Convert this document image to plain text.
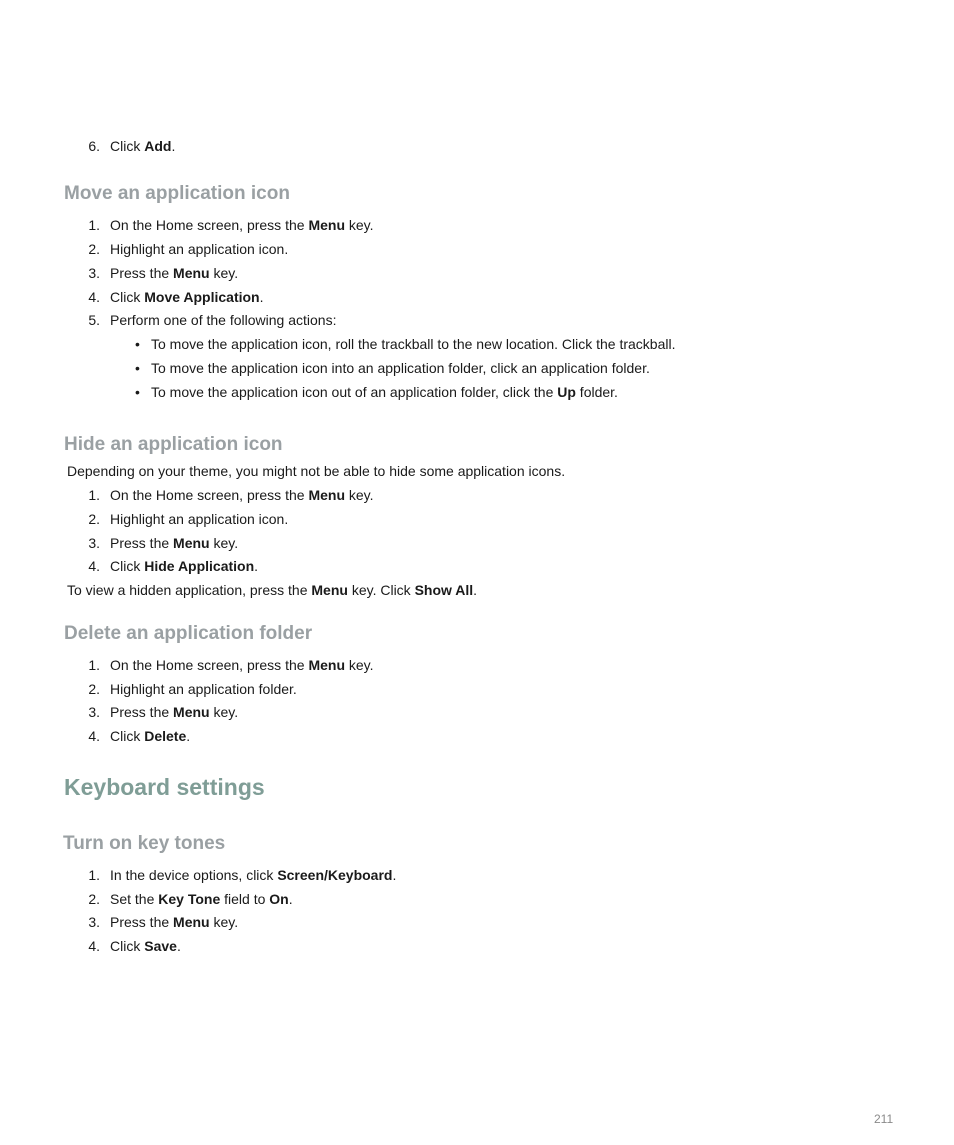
6. Click Add.
Move an application icon
1. On the Home screen, press the Menu key.
2. Highlight an application icon.
3. Press the Menu key.
4. Click Move Application.
5. Perform one of the following actions:
• To move the application icon, roll the trackball to the new location. Click the trackball.
• To move the application icon into an application folder, click an application folder.
• To move the application icon out of an application folder, click the Up folder.
Hide an application icon
Depending on your theme, you might not be able to hide some application icons.
1. On the Home screen, press the Menu key.
2. Highlight an application icon.
3. Press the Menu key.
4. Click Hide Application.
To view a hidden application, press the Menu key. Click Show All.
Delete an application folder
1. On the Home screen, press the Menu key.
2. Highlight an application folder.
3. Press the Menu key.
4. Click Delete.
Keyboard settings
Turn on key tones
1. In the device options, click Screen/Keyboard.
2. Set the Key Tone field to On.
3. Press the Menu key.
4. Click Save.
211
